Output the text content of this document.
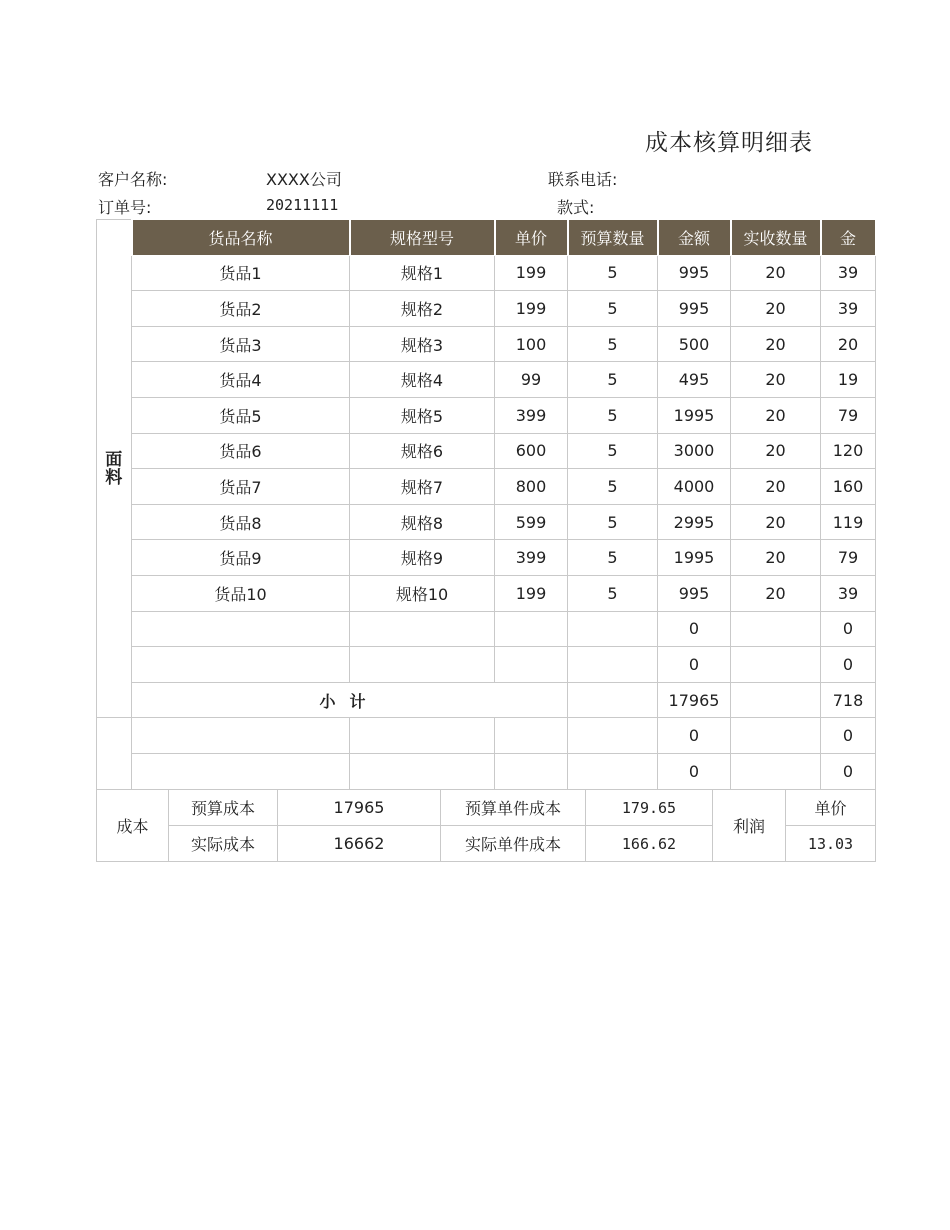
成本核算明细表
客户名称:	XXXX公司	联系电话:
订单号:	20211111	款式:
面料	货品名称	规格型号	单价	预算数量	金额	实收数量	金
	货品1	规格1	199	5	995	20	39
	货品2	规格2	199	5	995	20	39
	货品3	规格3	100	5	500	20	20
	货品4	规格4	99	5	495	20	19
	货品5	规格5	399	5	1995	20	79
	货品6	规格6	600	5	3000	20	120
	货品7	规格7	800	5	4000	20	160
	货品8	规格8	599	5	2995	20	119
	货品9	规格9	399	5	1995	20	79
	货品10	规格10	199	5	995	20	39
					0		0
					0		0
	小计				17965		718
					0		0
					0		0
成本	预算成本	17965	预算单件成本	179.65	利润	单价
	实际成本	16662	实际单件成本	166.62		13.03
